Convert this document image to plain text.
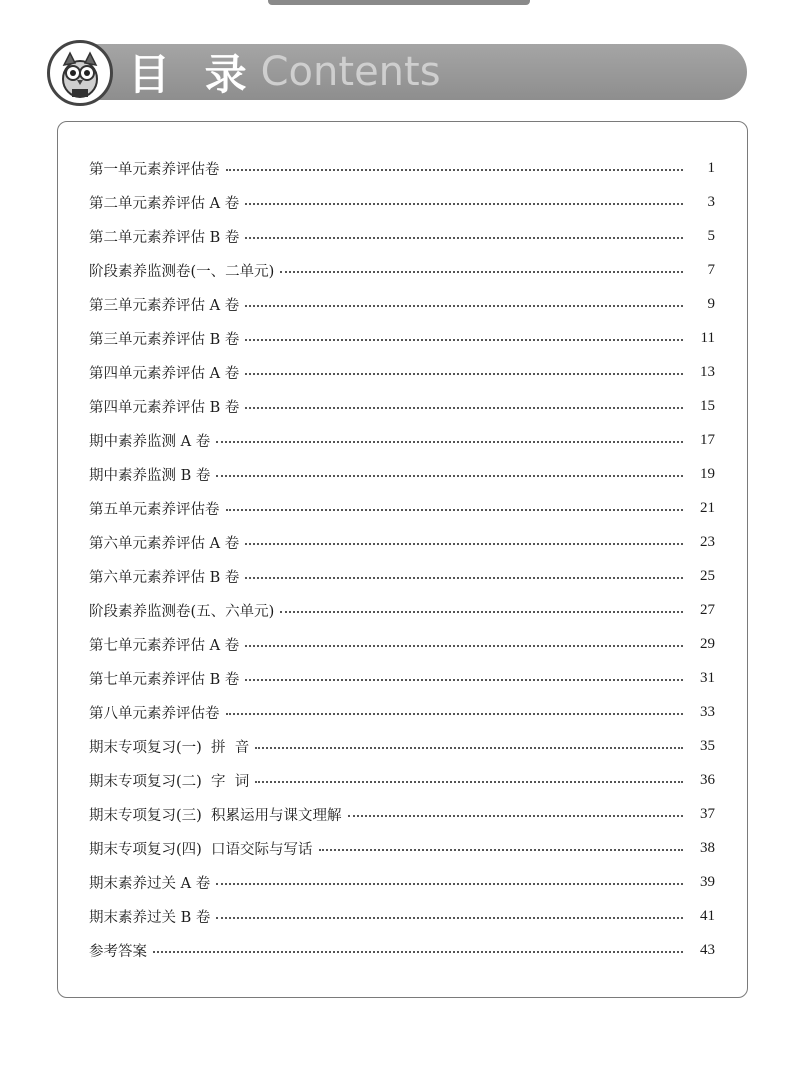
目 录 Contents
第一单元素养评估卷	1
第二单元素养评估 A 卷	3
第二单元素养评估 B 卷	5
阶段素养监测卷(一、二单元)	7
第三单元素养评估 A 卷	9
第三单元素养评估 B 卷	11
第四单元素养评估 A 卷	13
第四单元素养评估 B 卷	15
期中素养监测 A 卷	17
期中素养监测 B 卷	19
第五单元素养评估卷	21
第六单元素养评估 A 卷	23
第六单元素养评估 B 卷	25
阶段素养监测卷(五、六单元)	27
第七单元素养评估 A 卷	29
第七单元素养评估 B 卷	31
第八单元素养评估卷	33
期末专项复习(一)  拼  音	35
期末专项复习(二)  字  词	36
期末专项复习(三)  积累运用与课文理解	37
期末专项复习(四)  口语交际与写话	38
期末素养过关 A 卷	39
期末素养过关 B 卷	41
参考答案	43
